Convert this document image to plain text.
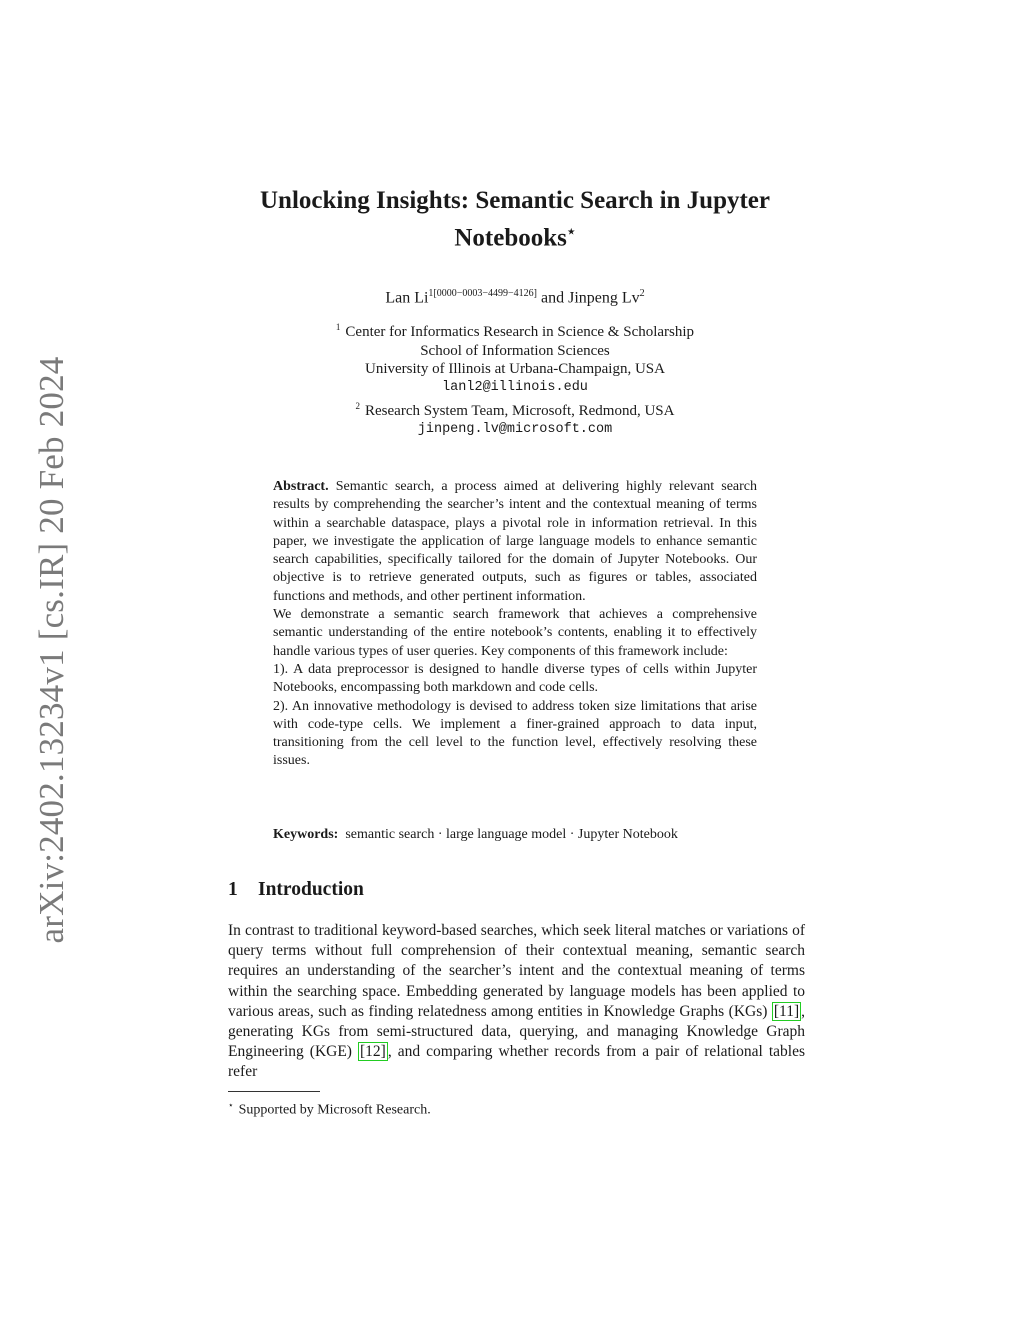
arXiv:2402.13234v1 [cs.IR] 20 Feb 2024
Unlocking Insights: Semantic Search in Jupyter
Notebooks⋆
Lan $Li^{1[0000-0003-4499-4126]}$ and Jinpeng Lv$^2$
$^1$ Center for Informatics Research in Science & Scholarship
School of Information Sciences
University of Illinois at Urbana-Champaign, USA
lanl2@illinois.edu
$^2$ Research System Team, Microsoft, Redmond, USA
jinpeng.lv@microsoft.com

Abstract. Semantic search, a process aimed at delivering highly relevant search results by comprehending the searcher’s intent and the contextual meaning of terms within a searchable dataspace, plays a pivotal role in information retrieval. In this paper, we investigate the application of large language models to enhance semantic search capabilities, specifically tailored for the domain of Jupyter Notebooks. Our objective is to retrieve generated outputs, such as figures or tables, associated functions and methods, and other pertinent information.

We demonstrate a semantic search framework that achieves a comprehensive semantic understanding of the entire notebook’s contents, enabling it to effectively handle various types of user queries. Key components of this framework include:

1). A data preprocessor is designed to handle diverse types of cells within Jupyter Notebooks, encompassing both markdown and code cells.

2). An innovative methodology is devised to address token size limitations that arise with code-type cells. We implement a finer-grained approach to data input, transitioning from the cell level to the function level, effectively resolving these issues.

Keywords: semantic search · large language model · Jupyter Notebook
1 Introduction

In contrast to traditional keyword-based searches, which seek literal matches or variations of query terms without full comprehension of their contextual meaning, semantic search requires an understanding of the searcher’s intent and the contextual meaning of terms within the searching space. Embedding generated by language models has been applied to various areas, such as finding relatedness among entities in Knowledge Graphs (KGs) [11] , generating KGs from semi-structured data, querying, and managing Knowledge Graph Engineering (KGE) [12] , and comparing whether records from a pair of relational tables refer

⋆ Supported by Microsoft Research.
